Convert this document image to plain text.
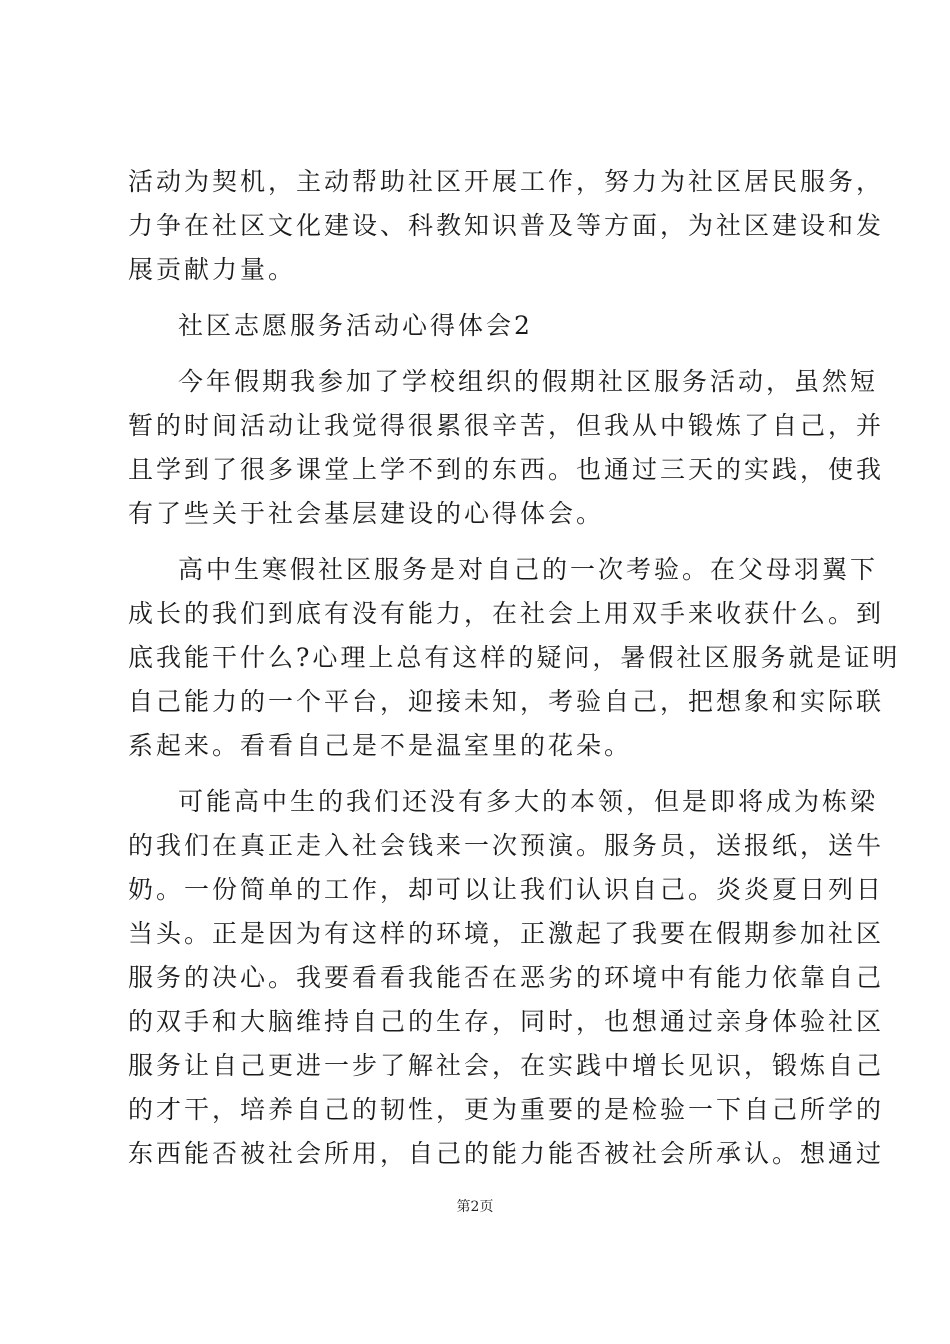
活动为契机，主动帮助社区开展工作，努力为社区居民服务，
力争在社区文化建设、科教知识普及等方面，为社区建设和发
展贡献力量。
社区志愿服务活动心得体会2
今年假期我参加了学校组织的假期社区服务活动，虽然短
暂的时间活动让我觉得很累很辛苦，但我从中锻炼了自己，并
且学到了很多课堂上学不到的东西。也通过三天的实践，使我
有了些关于社会基层建设的心得体会。
高中生寒假社区服务是对自己的一次考验。在父母羽翼下
成长的我们到底有没有能力，在社会上用双手来收获什么。到
底我能干什么?心理上总有这样的疑问，暑假社区服务就是证明
自己能力的一个平台，迎接未知，考验自己，把想象和实际联
系起来。看看自己是不是温室里的花朵。
可能高中生的我们还没有多大的本领，但是即将成为栋梁
的我们在真正走入社会钱来一次预演。服务员，送报纸，送牛
奶。一份简单的工作，却可以让我们认识自己。炎炎夏日列日
当头。正是因为有这样的环境，正激起了我要在假期参加社区
服务的决心。我要看看我能否在恶劣的环境中有能力依靠自己
的双手和大脑维持自己的生存，同时，也想通过亲身体验社区
服务让自己更进一步了解社会，在实践中增长见识，锻炼自己
的才干，培养自己的韧性，更为重要的是检验一下自己所学的
东西能否被社会所用，自己的能力能否被社会所承认。想通过
第2页
